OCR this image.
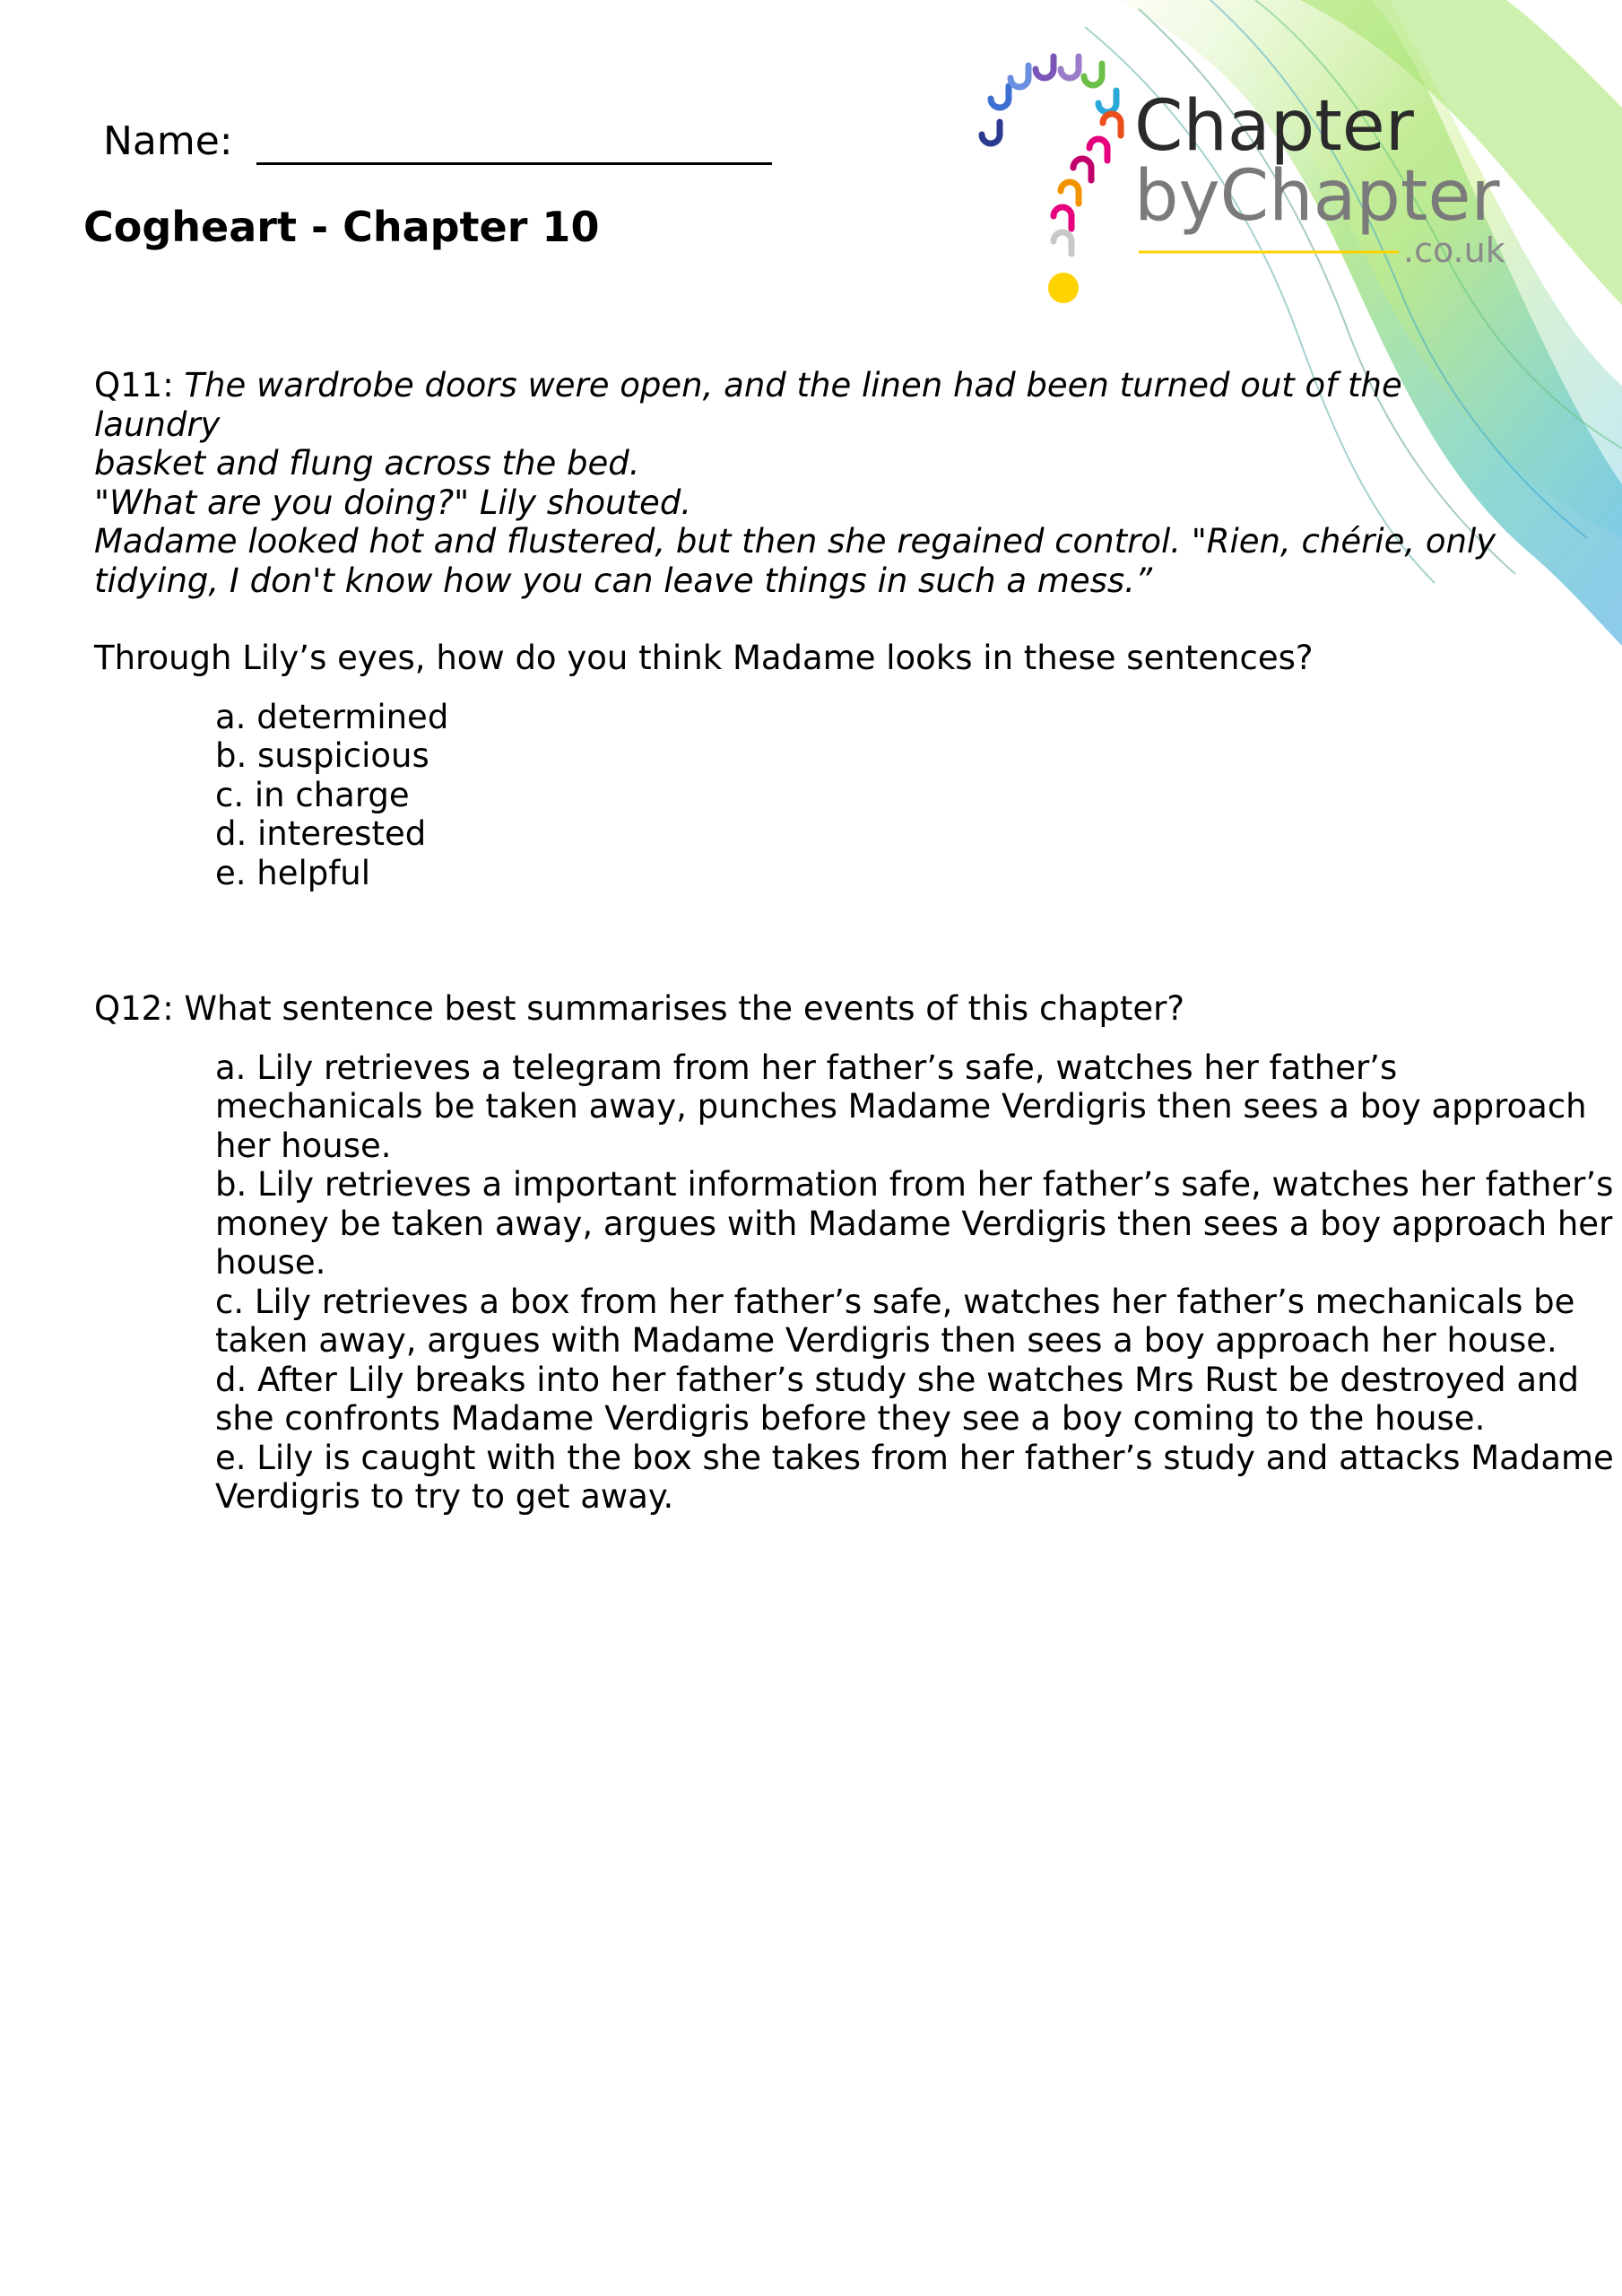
Chapter
byChapter
.co.uk
Name:
Cogheart - Chapter 10

Q11: The wardrobe doors were open, and the linen had been turned out of the laundry
basket and flung across the bed.
"What are you doing?" Lily shouted.
Madame looked hot and flustered, but then she regained control. "Rien, chérie, only
tidying, I don't know how you can leave things in such a mess.”

Through Lily’s eyes, how do you think Madame looks in these sentences?

a. determined
b. suspicious
c. in charge
d. interested
e. helpful

Q12: What sentence best summarises the events of this chapter?

a. Lily retrieves a telegram from her father’s safe, watches her father’s mechanicals be taken away, punches Madame Verdigris then sees a boy approach her house.
b. Lily retrieves a important information from her father’s safe, watches her father’s money be taken away, argues with Madame Verdigris then sees a boy approach her house.
c. Lily retrieves a box from her father’s safe, watches her father’s mechanicals be taken away, argues with Madame Verdigris then sees a boy approach her house.
d. After Lily breaks into her father’s study she watches Mrs Rust be destroyed and she confronts Madame Verdigris before they see a boy coming to the house.
e. Lily is caught with the box she takes from her father’s study and attacks Madame Verdigris to try to get away.
